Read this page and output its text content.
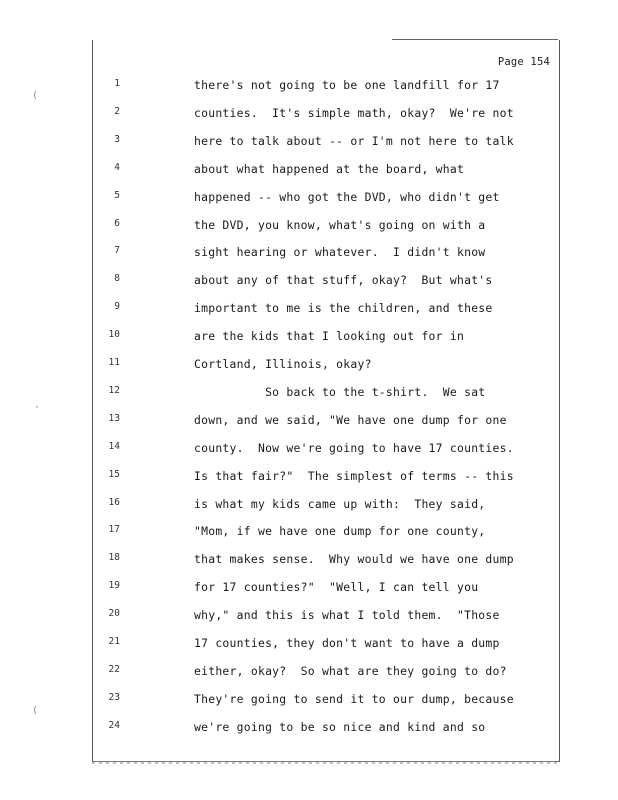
(
·
(
Page 154
1	there's not going to be one landfill for 17
2	counties.  It's simple math, okay?  We're not
3	here to talk about -- or I'm not here to talk
4	about what happened at the board, what
5	happened -- who got the DVD, who didn't get
6	the DVD, you know, what's going on with a
7	sight hearing or whatever.  I didn't know
8	about any of that stuff, okay?  But what's
9	important to me is the children, and these
10	are the kids that I looking out for in
11	Cortland, Illinois, okay?
12	So back to the t-shirt.  We sat
13	down, and we said, "We have one dump for one
14	county.  Now we're going to have 17 counties.
15	Is that fair?"  The simplest of terms -- this
16	is what my kids came up with:  They said,
17	"Mom, if we have one dump for one county,
18	that makes sense.  Why would we have one dump
19	for 17 counties?"  "Well, I can tell you
20	why," and this is what I told them.  "Those
21	17 counties, they don't want to have a dump
22	either, okay?  So what are they going to do?
23	They're going to send it to our dump, because
24	we're going to be so nice and kind and so
